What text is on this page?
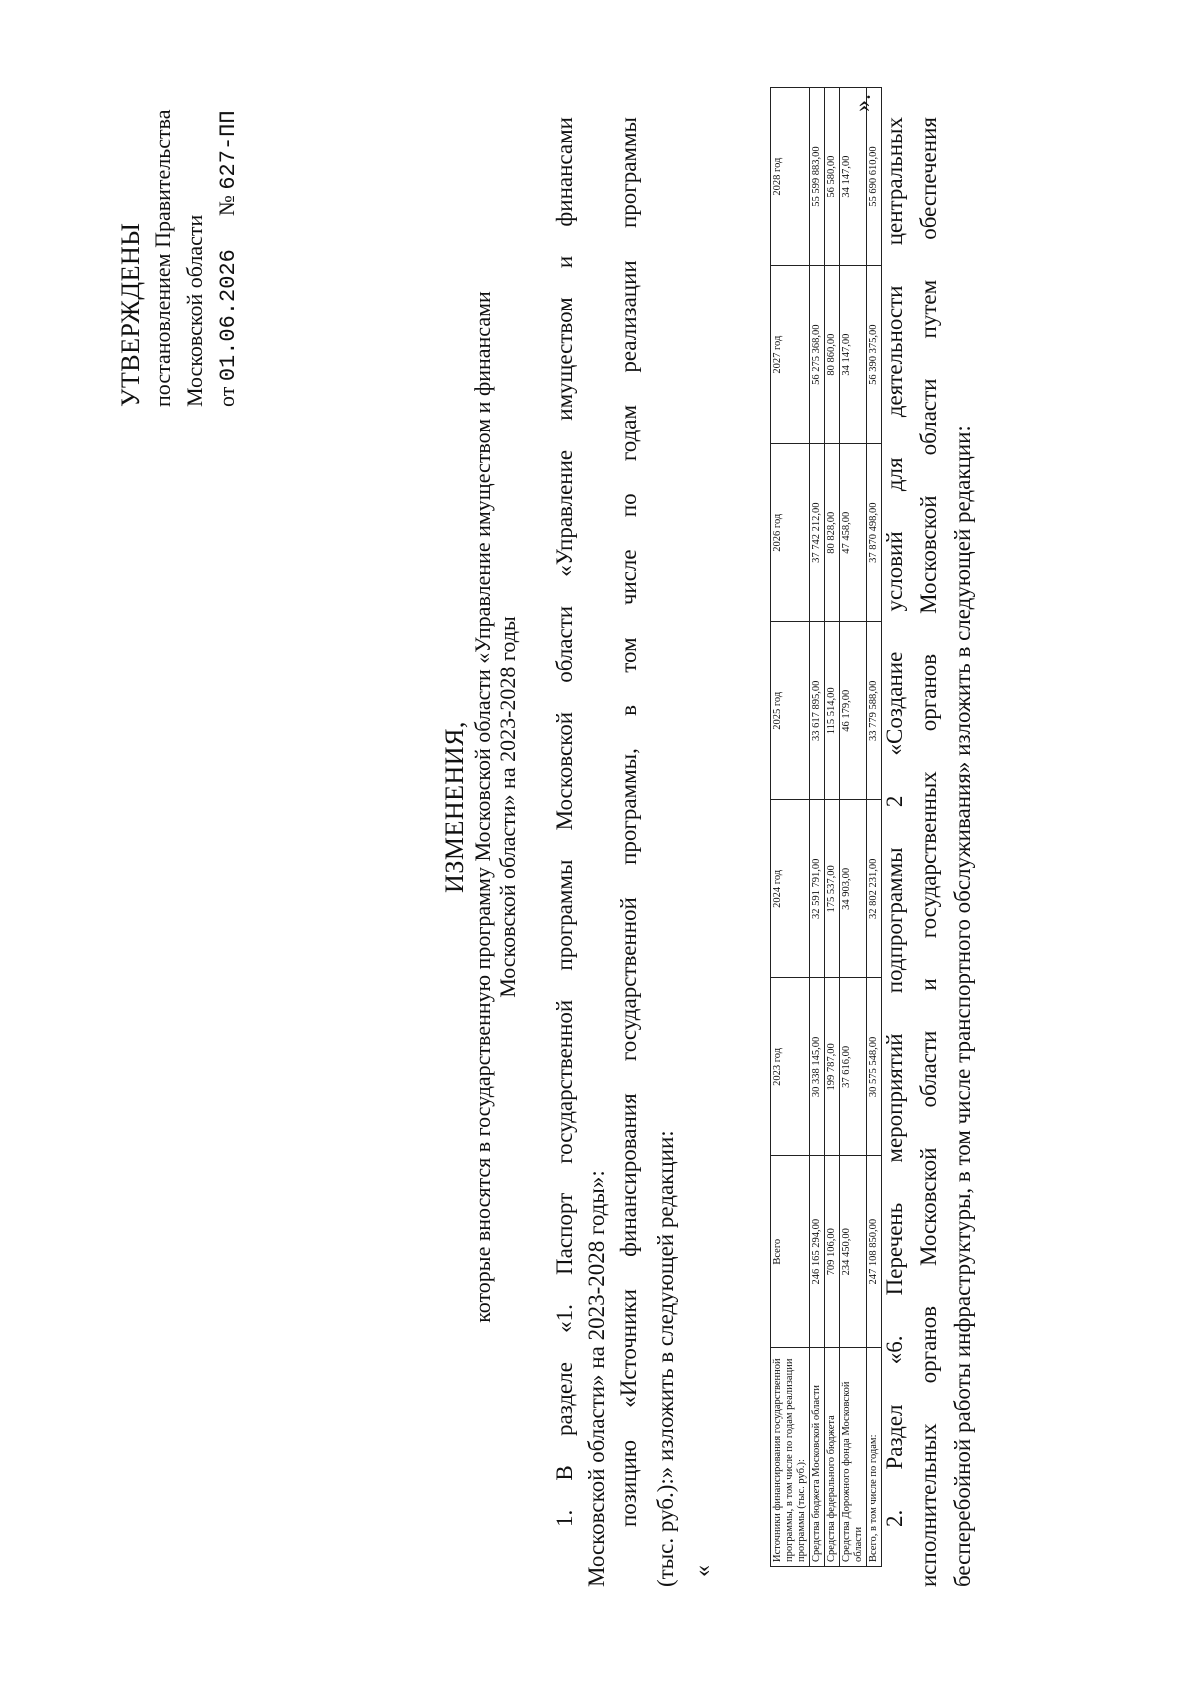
УТВЕРЖДЕНЫ постановлением Правительства Московской области от 01.06.2026  № 627-ПП
ИЗМЕНЕНИЯ, которые вносятся в государственную программу Московской области «Управление имуществом и финансами Московской области» на 2023-2028 годы 1. В разделе «1. Паспорт государственной программы Московской области «Управление имуществом и финансами Московской области» на 2023-2028 годы»: позицию «Источники финансирования государственной программы, в том числе по годам реализации программы (тыс. руб.):» изложить в следующей редакции: «
Источники финансирования государственной программы, в том числе по годам реализации программы (тыс. руб.):	Всего	2023 год	2024 год	2025 год	2026 год	2027 год	2028 год
Средства бюджета Московской области	246 165 294,00	30 338 145,00	32 591 791,00	33 617 895,00	37 742 212,00	56 275 368,00	55 599 883,00
Средства федерального бюджета	709 106,00	199 787,00	175 537,00	115 514,00	80 828,00	80 860,00	56 580,00
Средства Дорожного фонда Московской области	234 450,00	37 616,00	34 903,00	46 179,00	47 458,00	34 147,00	34 147,00
Всего, в том числе по годам:	247 108 850,00	30 575 548,00	32 802 231,00	33 779 588,00	37 870 498,00	56 390 375,00	55 690 610,00
».
2. Раздел «6. Перечень мероприятий подпрограммы 2 «Создание условий для деятельности центральных исполнительных органов Московской области и государственных органов Московской области путем обеспечения бесперебойной работы инфраструктуры, в том числе транспортного обслуживания» изложить в следующей редакции:
